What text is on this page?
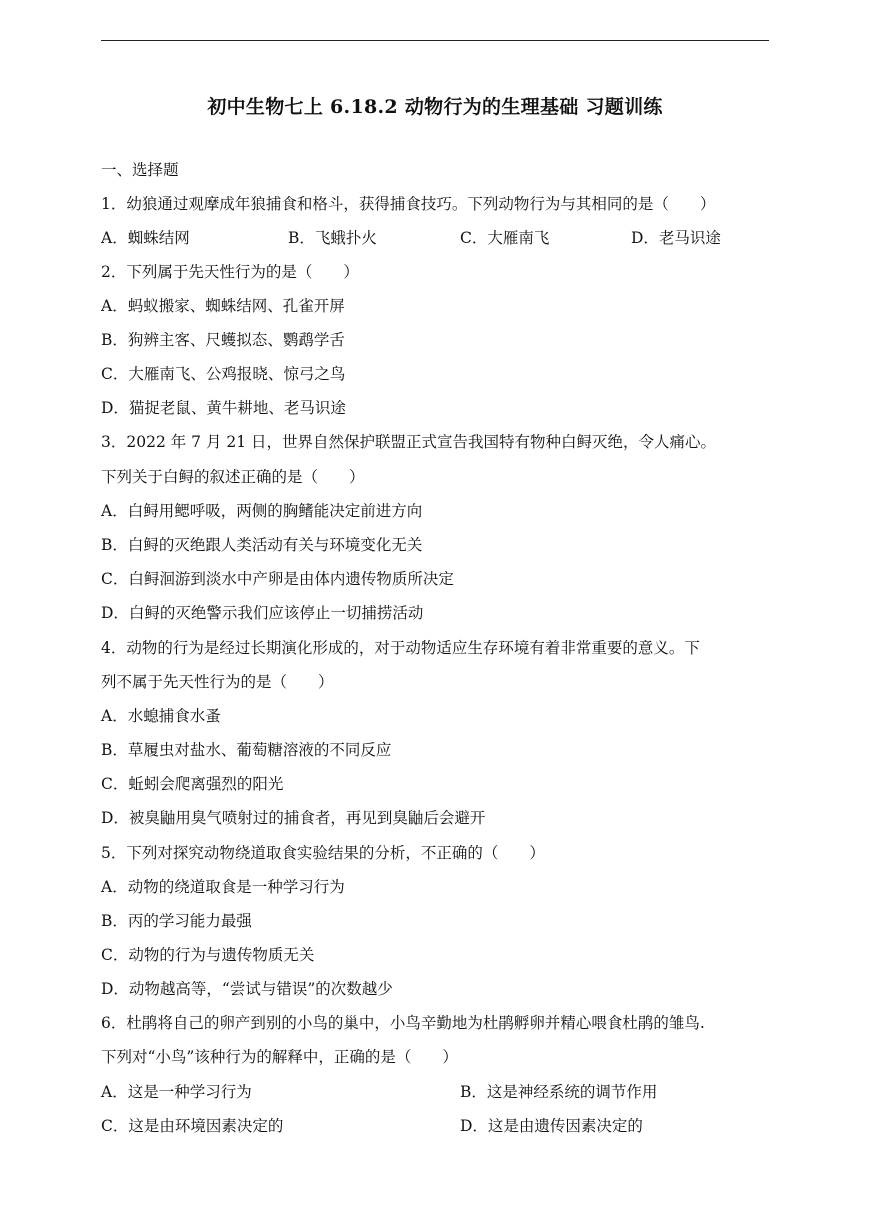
初中生物七上 6.18.2 动物行为的生理基础 习题训练
一、选择题
1．幼狼通过观摩成年狼捕食和格斗，获得捕食技巧。下列动物行为与其相同的是（　　）
A．蜘蛛结网	B．飞蛾扑火	C．大雁南飞	D．老马识途
2．下列属于先天性行为的是（　　）
A．蚂蚁搬家、蜘蛛结网、孔雀开屏
B．狗辨主客、尺蠖拟态、鹦鹉学舌
C．大雁南飞、公鸡报晓、惊弓之鸟
D．猫捉老鼠、黄牛耕地、老马识途
3．2022 年 7 月 21 日，世界自然保护联盟正式宣告我国特有物种白鲟灭绝，令人痛心。
下列关于白鲟的叙述正确的是（　　）
A．白鲟用鳃呼吸，两侧的胸鳍能决定前进方向
B．白鲟的灭绝跟人类活动有关与环境变化无关
C．白鲟洄游到淡水中产卵是由体内遗传物质所决定
D．白鲟的灭绝警示我们应该停止一切捕捞活动
4．动物的行为是经过长期演化形成的，对于动物适应生存环境有着非常重要的意义。下
列不属于先天性行为的是（　　）
A．水螅捕食水蚤
B．草履虫对盐水、葡萄糖溶液的不同反应
C．蚯蚓会爬离强烈的阳光
D．被臭鼬用臭气喷射过的捕食者，再见到臭鼬后会避开
5．下列对探究动物绕道取食实验结果的分析，不正确的（　　）
A．动物的绕道取食是一种学习行为
B．丙的学习能力最强
C．动物的行为与遗传物质无关
D．动物越高等，“尝试与错误”的次数越少
6．杜鹃将自己的卵产到别的小鸟的巢中，小鸟辛勤地为杜鹃孵卵并精心喂食杜鹃的雏鸟.
下列对“小鸟”该种行为的解释中，正确的是（　　）
A．这是一种学习行为	B．这是神经系统的调节作用
C．这是由环境因素决定的	D．这是由遗传因素决定的
